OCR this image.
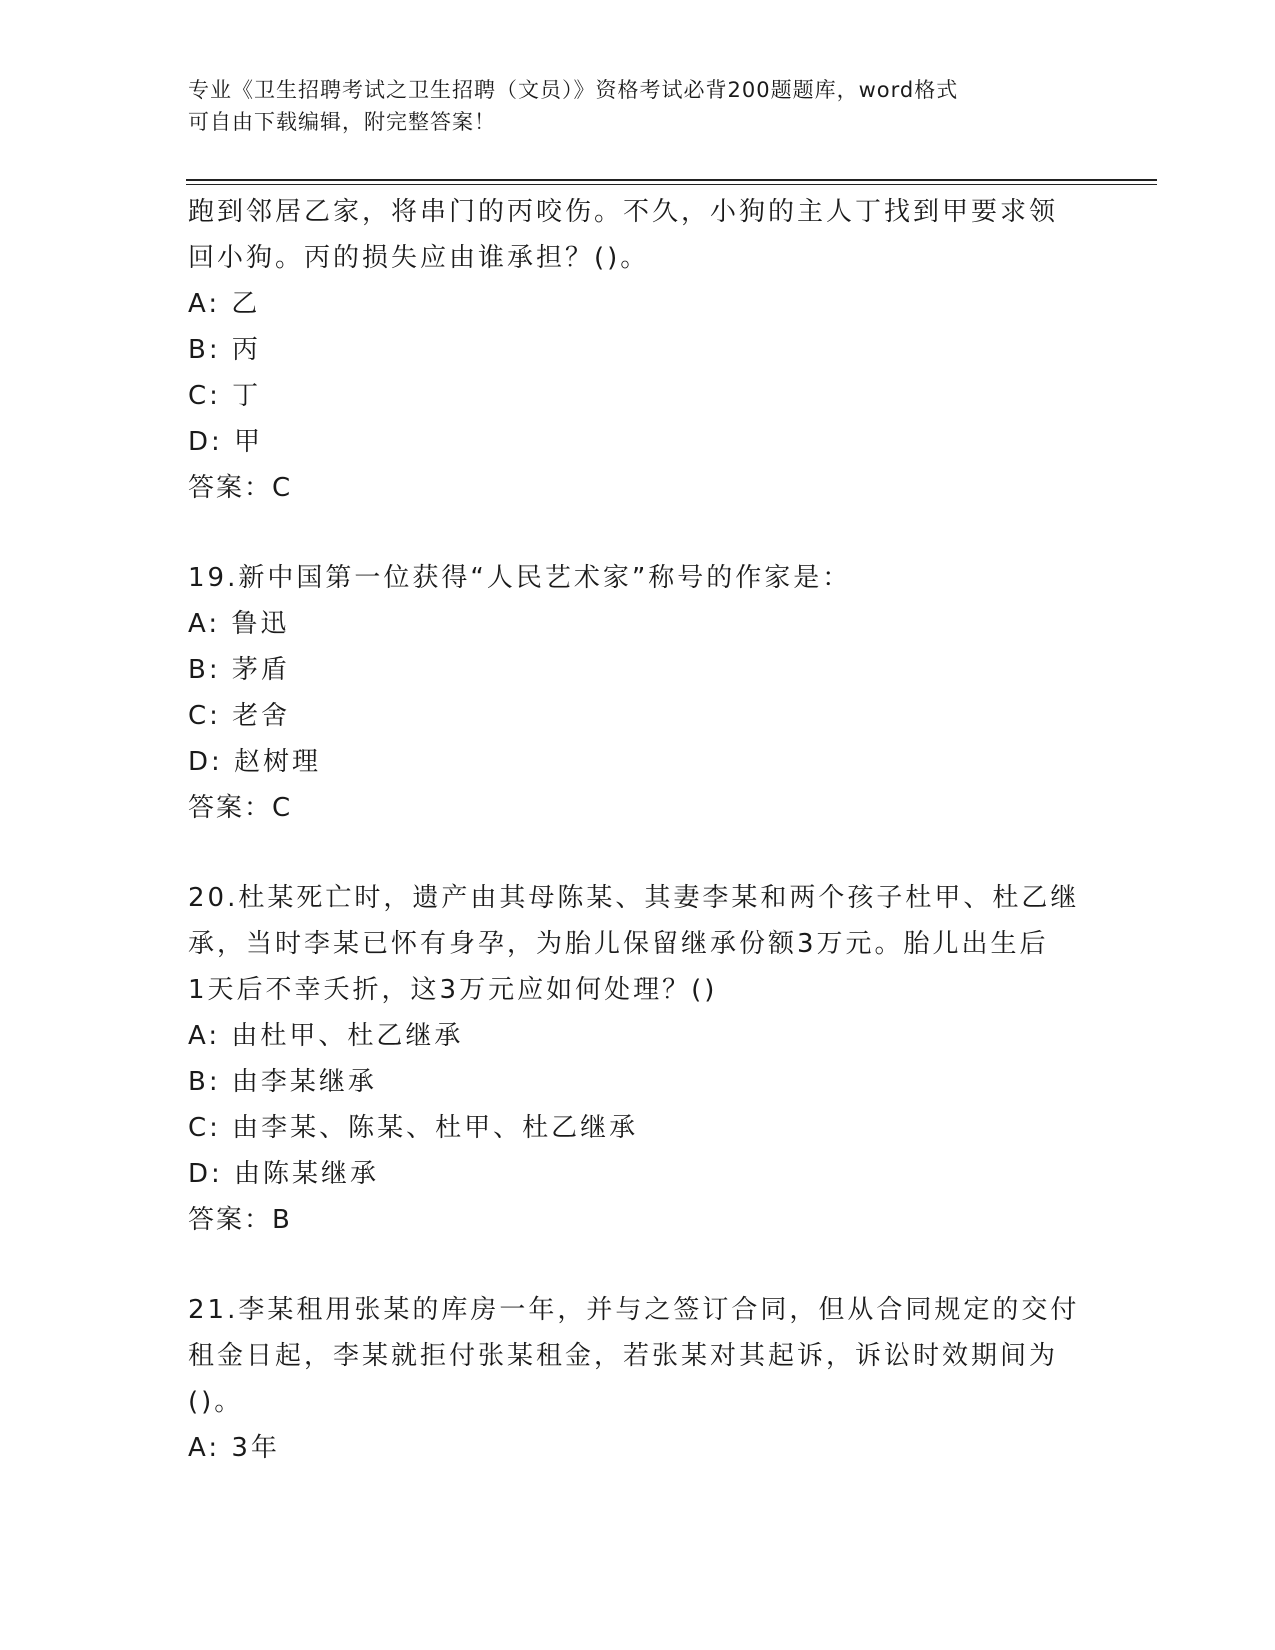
专业《卫生招聘考试之卫生招聘（文员）》资格考试必背200题题库，word格式
可自由下载编辑，附完整答案！
跑到邻居乙家，将串门的丙咬伤。不久，小狗的主人丁找到甲要求领
回小狗。丙的损失应由谁承担？()。
A: 乙
B: 丙
C: 丁
D: 甲
答案：C
19.新中国第一位获得“人民艺术家”称号的作家是：
A: 鲁迅
B: 茅盾
C: 老舍
D: 赵树理
答案：C
20.杜某死亡时，遗产由其母陈某、其妻李某和两个孩子杜甲、杜乙继
承，当时李某已怀有身孕，为胎儿保留继承份额3万元。胎儿出生后
1天后不幸夭折，这3万元应如何处理？()
A: 由杜甲、杜乙继承
B: 由李某继承
C: 由李某、陈某、杜甲、杜乙继承
D: 由陈某继承
答案：B
21.李某租用张某的库房一年，并与之签订合同，但从合同规定的交付
租金日起，李某就拒付张某租金，若张某对其起诉，诉讼时效期间为
()。
A: 3年
